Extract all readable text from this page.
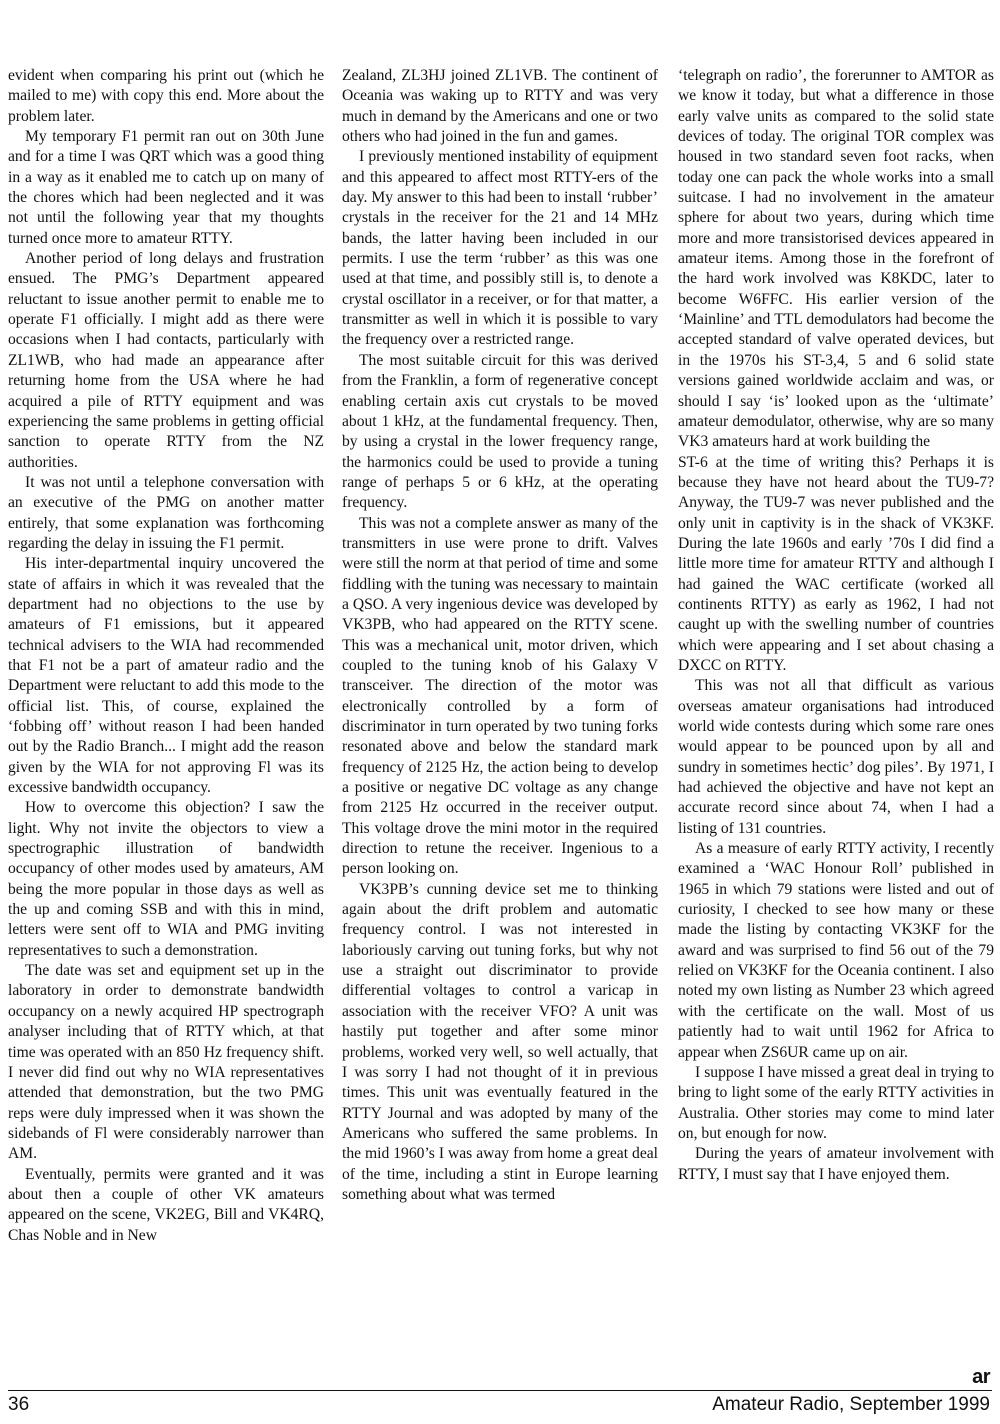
evident when comparing his print out (which he mailed to me) with copy this end. More about the problem later.

My temporary F1 permit ran out on 30th June and for a time I was QRT which was a good thing in a way as it enabled me to catch up on many of the chores which had been neglected and it was not until the following year that my thoughts turned once more to amateur RTTY.

Another period of long delays and frustration ensued. The PMG’s Department appeared reluctant to issue another permit to enable me to operate F1 officially. I might add as there were occasions when I had contacts, particularly with ZL1WB, who had made an appearance after returning home from the USA where he had acquired a pile of RTTY equipment and was experiencing the same problems in getting official sanction to operate RTTY from the NZ authorities.

It was not until a telephone conversation with an executive of the PMG on another matter entirely, that some explanation was forthcoming regarding the delay in issuing the F1 permit.

His inter-departmental inquiry uncovered the state of affairs in which it was revealed that the department had no objections to the use by amateurs of F1 emissions, but it appeared technical advisers to the WIA had recommended that F1 not be a part of amateur radio and the Department were reluctant to add this mode to the official list. This, of course, explained the ‘fobbing off’ without reason I had been handed out by the Radio Branch... I might add the reason given by the WIA for not approving Fl was its excessive bandwidth occupancy.

How to overcome this objection? I saw the light. Why not invite the objectors to view a spectrographic illustration of bandwidth occupancy of other modes used by amateurs, AM being the more popular in those days as well as the up and coming SSB and with this in mind, letters were sent off to WIA and PMG inviting representatives to such a demonstration.

The date was set and equipment set up in the laboratory in order to demonstrate bandwidth occupancy on a newly acquired HP spectrograph analyser including that of RTTY which, at that time was operated with an 850 Hz frequency shift. I never did find out why no WIA representatives attended that demonstration, but the two PMG reps were duly impressed when it was shown the sidebands of Fl were considerably narrower than AM.

Eventually, permits were granted and it was about then a couple of other VK amateurs appeared on the scene, VK2EG, Bill and VK4RQ, Chas Noble and in New

Zealand, ZL3HJ joined ZL1VB. The continent of Oceania was waking up to RTTY and was very much in demand by the Americans and one or two others who had joined in the fun and games.

I previously mentioned instability of equipment and this appeared to affect most RTTY-ers of the day. My answer to this had been to install ‘rubber’ crystals in the receiver for the 21 and 14 MHz bands, the latter having been included in our permits. I use the term ‘rubber’ as this was one used at that time, and possibly still is, to denote a crystal oscillator in a receiver, or for that matter, a transmitter as well in which it is possible to vary the frequency over a restricted range.

The most suitable circuit for this was derived from the Franklin, a form of regenerative concept enabling certain axis cut crystals to be moved about 1 kHz, at the fundamental frequency. Then, by using a crystal in the lower frequency range, the harmonics could be used to provide a tuning range of perhaps 5 or 6 kHz, at the operating frequency.

This was not a complete answer as many of the transmitters in use were prone to drift. Valves were still the norm at that period of time and some fiddling with the tuning was necessary to maintain a QSO. A very ingenious device was developed by VK3PB, who had appeared on the RTTY scene. This was a mechanical unit, motor driven, which coupled to the tuning knob of his Galaxy V transceiver. The direction of the motor was electronically controlled by a form of discriminator in turn operated by two tuning forks resonated above and below the standard mark frequency of 2125 Hz, the action being to develop a positive or negative DC voltage as any change from 2125 Hz occurred in the receiver output. This voltage drove the mini motor in the required direction to retune the receiver. Ingenious to a person looking on.

VK3PB’s cunning device set me to thinking again about the drift problem and automatic frequency control. I was not interested in laboriously carving out tuning forks, but why not use a straight out discriminator to provide differential voltages to control a varicap in association with the receiver VFO? A unit was hastily put together and after some minor problems, worked very well, so well actually, that I was sorry I had not thought of it in previous times. This unit was eventually featured in the RTTY Journal and was adopted by many of the Americans who suffered the same problems. In the mid 1960’s I was away from home a great deal of the time, including a stint in Europe learning something about what was termed

‘telegraph on radio’, the forerunner to AMTOR as we know it today, but what a difference in those early valve units as compared to the solid state devices of today. The original TOR complex was housed in two standard seven foot racks, when today one can pack the whole works into a small suitcase. I had no involvement in the amateur sphere for about two years, during which time more and more transistorised devices appeared in amateur items. Among those in the forefront of the hard work involved was K8KDC, later to become W6FFC. His earlier version of the ‘Mainline’ and TTL demodulators had become the accepted standard of valve operated devices, but in the 1970s his ST-3,4, 5 and 6 solid state versions gained worldwide acclaim and was, or should I say ‘is’ looked upon as the ‘ultimate’ amateur demodulator, otherwise, why are so many VK3 amateurs hard at work building the

ST-6 at the time of writing this? Perhaps it is because they have not heard about the TU9-7? Anyway, the TU9-7 was never published and the only unit in captivity is in the shack of VK3KF. During the late 1960s and early ’70s I did find a little more time for amateur RTTY and although I had gained the WAC certificate (worked all continents RTTY) as early as 1962, I had not caught up with the swelling number of countries which were appearing and I set about chasing a DXCC on RTTY.

This was not all that difficult as various overseas amateur organisations had introduced world wide contests during which some rare ones would appear to be pounced upon by all and sundry in sometimes hectic’ dog piles’. By 1971, I had achieved the objective and have not kept an accurate record since about 74, when I had a listing of 131 countries.

As a measure of early RTTY activity, I recently examined a ‘WAC Honour Roll’ published in 1965 in which 79 stations were listed and out of curiosity, I checked to see how many or these made the listing by contacting VK3KF for the award and was surprised to find 56 out of the 79 relied on VK3KF for the Oceania continent. I also noted my own listing as Number 23 which agreed with the certificate on the wall. Most of us patiently had to wait until 1962 for Africa to appear when ZS6UR came up on air.

I suppose I have missed a great deal in trying to bring to light some of the early RTTY activities in Australia. Other stories may come to mind later on, but enough for now.

During the years of amateur involvement with RTTY, I must say that I have enjoyed them.

ar
36	Amateur Radio, September 1999
